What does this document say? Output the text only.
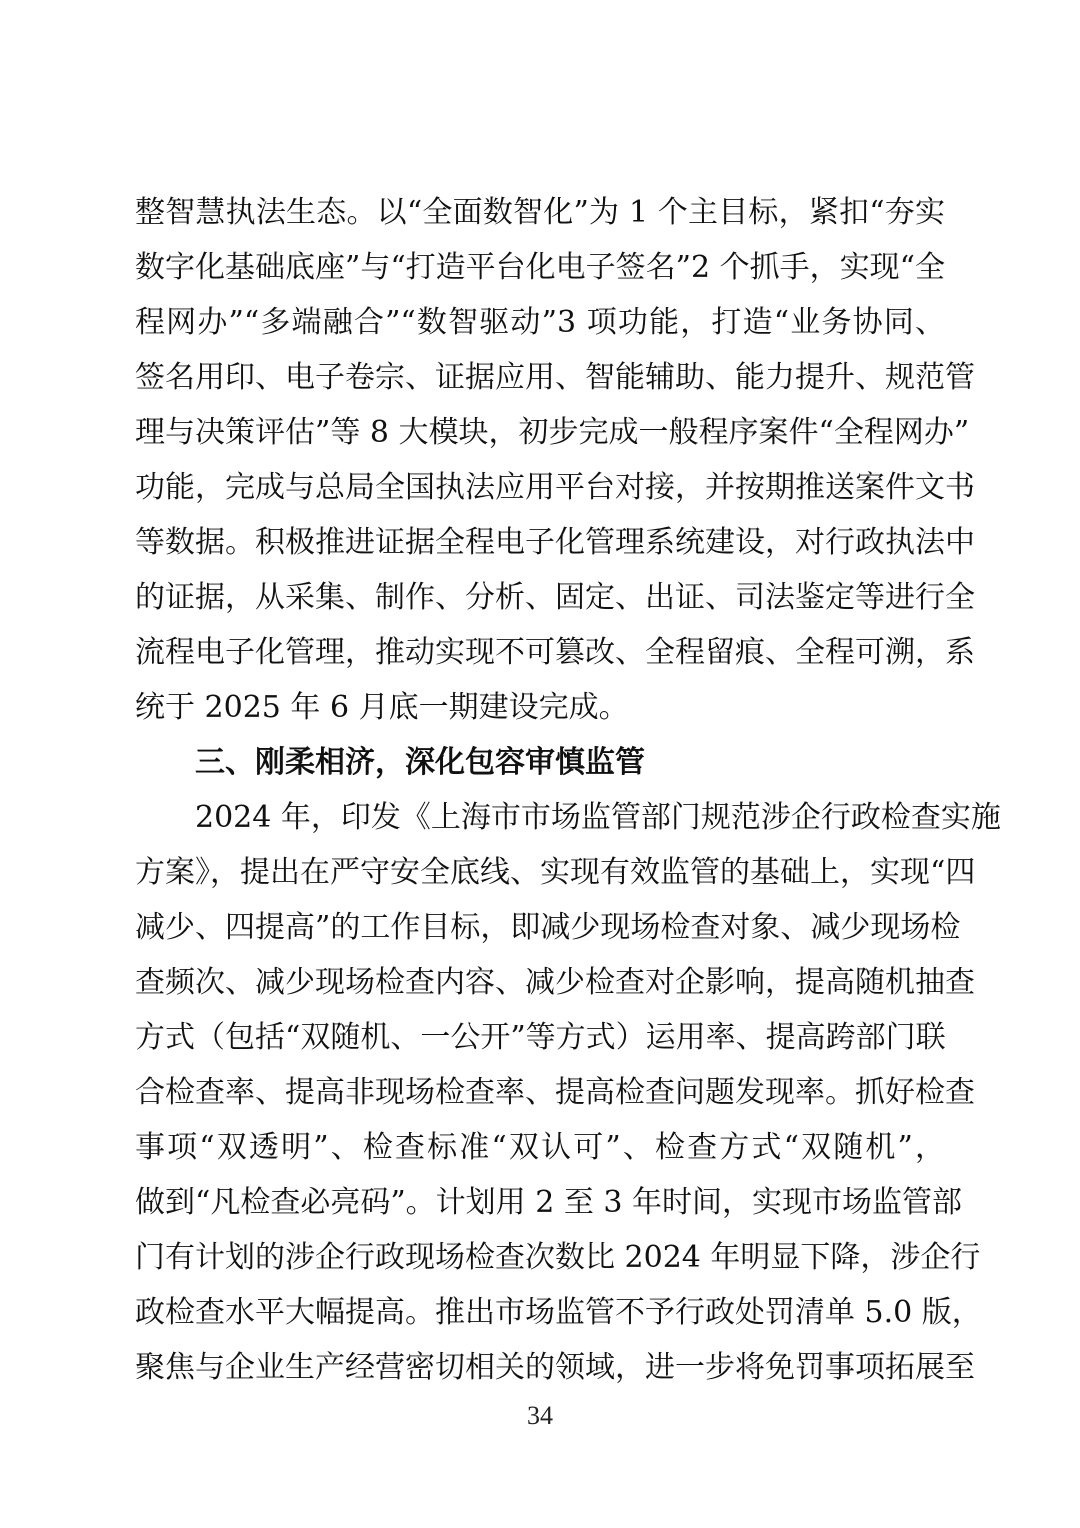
整智慧执法生态。以“全面数智化”为 1 个主目标，紧扣“夯实
数字化基础底座”与“打造平台化电子签名”2 个抓手，实现“全
程网办”“多端融合”“数智驱动”3 项功能，打造“业务协同、
签名用印、电子卷宗、证据应用、智能辅助、能力提升、规范管
理与决策评估”等 8 大模块，初步完成一般程序案件“全程网办”
功能，完成与总局全国执法应用平台对接，并按期推送案件文书
等数据。积极推进证据全程电子化管理系统建设，对行政执法中
的证据，从采集、制作、分析、固定、出证、司法鉴定等进行全
流程电子化管理，推动实现不可篡改、全程留痕、全程可溯，系
统于 2025 年 6 月底一期建设完成。
三、刚柔相济，深化包容审慎监管
2024 年，印发《上海市市场监管部门规范涉企行政检查实施
方案》，提出在严守安全底线、实现有效监管的基础上，实现“四
减少、四提高”的工作目标，即减少现场检查对象、减少现场检
查频次、减少现场检查内容、减少检查对企影响，提高随机抽查
方式（包括“双随机、一公开”等方式）运用率、提高跨部门联
合检查率、提高非现场检查率、提高检查问题发现率。抓好检查
事项“双透明”、检查标准“双认可”、检查方式“双随机”，
做到“凡检查必亮码”。计划用 2 至 3 年时间，实现市场监管部
门有计划的涉企行政现场检查次数比 2024 年明显下降，涉企行
政检查水平大幅提高。推出市场监管不予行政处罚清单 5.0 版，
聚焦与企业生产经营密切相关的领域，进一步将免罚事项拓展至
34
